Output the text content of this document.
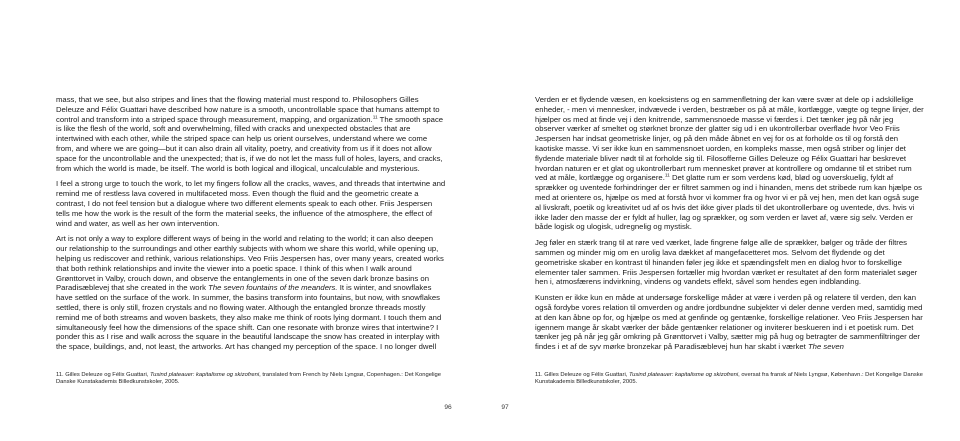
mass, that we see, but also stripes and lines that the flowing material must respond to. Philosophers Gilles Deleuze and Félix Guattari have described how nature is a smooth, uncontrollable space that humans attempt to control and transform into a striped space through measurement, mapping, and organization.$^{11}$ The smooth space is like the flesh of the world, soft and overwhelming, filled with cracks and unexpected obstacles that are intertwined with each other, while the striped space can help us orient ourselves, understand where we come from, and where we are going—but it can also drain all vitality, poetry, and creativity from us if it does not allow space for the uncontrollable and the unexpected; that is, if we do not let the mass full of holes, layers, and cracks, from which the world is made, be itself. The world is both logical and illogical, uncalculable and mysterious.

I feel a strong urge to touch the work, to let my fingers follow all the cracks, waves, and threads that intertwine and remind me of restless lava covered in multifaceted moss. Even though the fluid and the geometric create a contrast, I do not feel tension but a dialogue where two different elements speak to each other. Friis Jespersen tells me how the work is the result of the form the material seeks, the influence of the atmosphere, the effect of wind and water, as well as her own intervention.

Art is not only a way to explore different ways of being in the world and relating to the world; it can also deepen our relationship to the surroundings and other earthly subjects with whom we share this world, while opening up, helping us rediscover and rethink, various relationships. Veo Friis Jespersen has, over many years, created works that both rethink relationships and invite the viewer into a poetic space. I think of this when I walk around Grønttorvet in Valby, crouch down, and observe the entanglements in one of the seven dark bronze basins on Paradisæblevej that she created in the work The seven fountains of the meanders. It is winter, and snowflakes have settled on the surface of the work. In summer, the basins transform into fountains, but now, with snowflakes settled, there is only still, frozen crystals and no flowing water. Although the entangled bronze threads mostly remind me of both streams and woven baskets, they also make me think of roots lying dormant. I touch them and simultaneously feel how the dimensions of the space shift. Can one resonate with bronze wires that intertwine? I ponder this as I rise and walk across the square in the beautiful landscape the snow has created in interplay with the space, buildings, and, not least, the artworks. Art has changed my perception of the space. I no longer dwell

11. Gilles Deleuze og Félix Guattari, Tusind plateauer: kapitalisme og skizofreni, translated from French by Niels Lyngsø, Copenhagen.: Det Kongelige Danske Kunstakademis Billedkunstskoler, 2005.
96

Verden er et flydende væsen, en koeksistens og en sammenfletning der kan være svær at dele op i adskillelige enheder, - men vi mennesker, indvævede i verden, bestræber os på at måle, kortlægge, vægte og tegne linjer, der hjælper os med at finde vej i den knitrende, sammensnoede masse vi færdes i. Det tænker jeg på når jeg observer værker af smeltet og størknet bronze der glatter sig ud i en ukontrollerbar overflade hvor Veo Friis Jespersen har indsat geometriske linjer, og på den måde åbnet en vej for os at forholde os til og forstå den kaotiske masse. Vi ser ikke kun en sammensnoet uorden, en kompleks masse, men også striber og linjer det flydende materiale bliver nødt til at forholde sig til. Filosofferne Gilles Deleuze og Félix Guattari har beskrevet hvordan naturen er et glat og ukontrollerbart rum mennesket prøver at kontrollere og omdanne til et stribet rum ved at måle, kortlægge og organisere.$^{11}$ Det glatte rum er som verdens kød, blød og uoverskuelig, fyldt af sprækker og uventede forhindringer der er filtret sammen og ind i hinanden, mens det stribede rum kan hjælpe os med at orientere os, hjælpe os med at forstå hvor vi kommer fra og hvor vi er på vej hen, men det kan også suge al livskraft, poetik og kreativitet ud af os hvis det ikke giver plads til det ukontrollerbare og uventede, dvs. hvis vi ikke lader den masse der er fyldt af huller, lag og sprækker, og som verden er lavet af, være sig selv. Verden er både logisk og ulogisk, udregnelig og mystisk.

Jeg føler en stærk trang til at røre ved værket, lade fingrene følge alle de sprækker, bølger og tråde der filtres sammen og minder mig om en urolig lava dækket af mangefacetteret mos. Selvom det flydende og det geometriske skaber en kontrast til hinanden føler jeg ikke et spændingsfelt men en dialog hvor to forskellige elementer taler sammen. Friis Jespersen fortæller mig hvordan værket er resultatet af den form materialet søger hen i, atmosfærens indvirkning, vindens og vandets effekt, såvel som hendes egen indblanding.

Kunsten er ikke kun en måde at undersøge forskellige måder at være i verden på og relatere til verden, den kan også fordybe vores relation til omverden og andre jordbundne subjekter vi deler denne verden med, samtidig med at den kan åbne op for, og hjælpe os med at genfinde og gentænke, forskellige relationer. Veo Friis Jespersen har igennem mange år skabt værker der både gentænker relationer og inviterer beskueren ind i et poetisk rum. Det tænker jeg på når jeg går omkring på Grønttorvet i Valby, sætter mig på hug og betragter de sammenfiltringer der findes i et af de syv mørke bronzekar på Paradisæblevej hun har skabt i værket The seven

11. Gilles Deleuze og Félix Guattari, Tusind plateauer: kapitalisme og skizofreni, oversat fra fransk af Niels Lyngsø, København.: Det Kongelige Danske Kunstakademis Billedkunstskoler, 2005.
97
